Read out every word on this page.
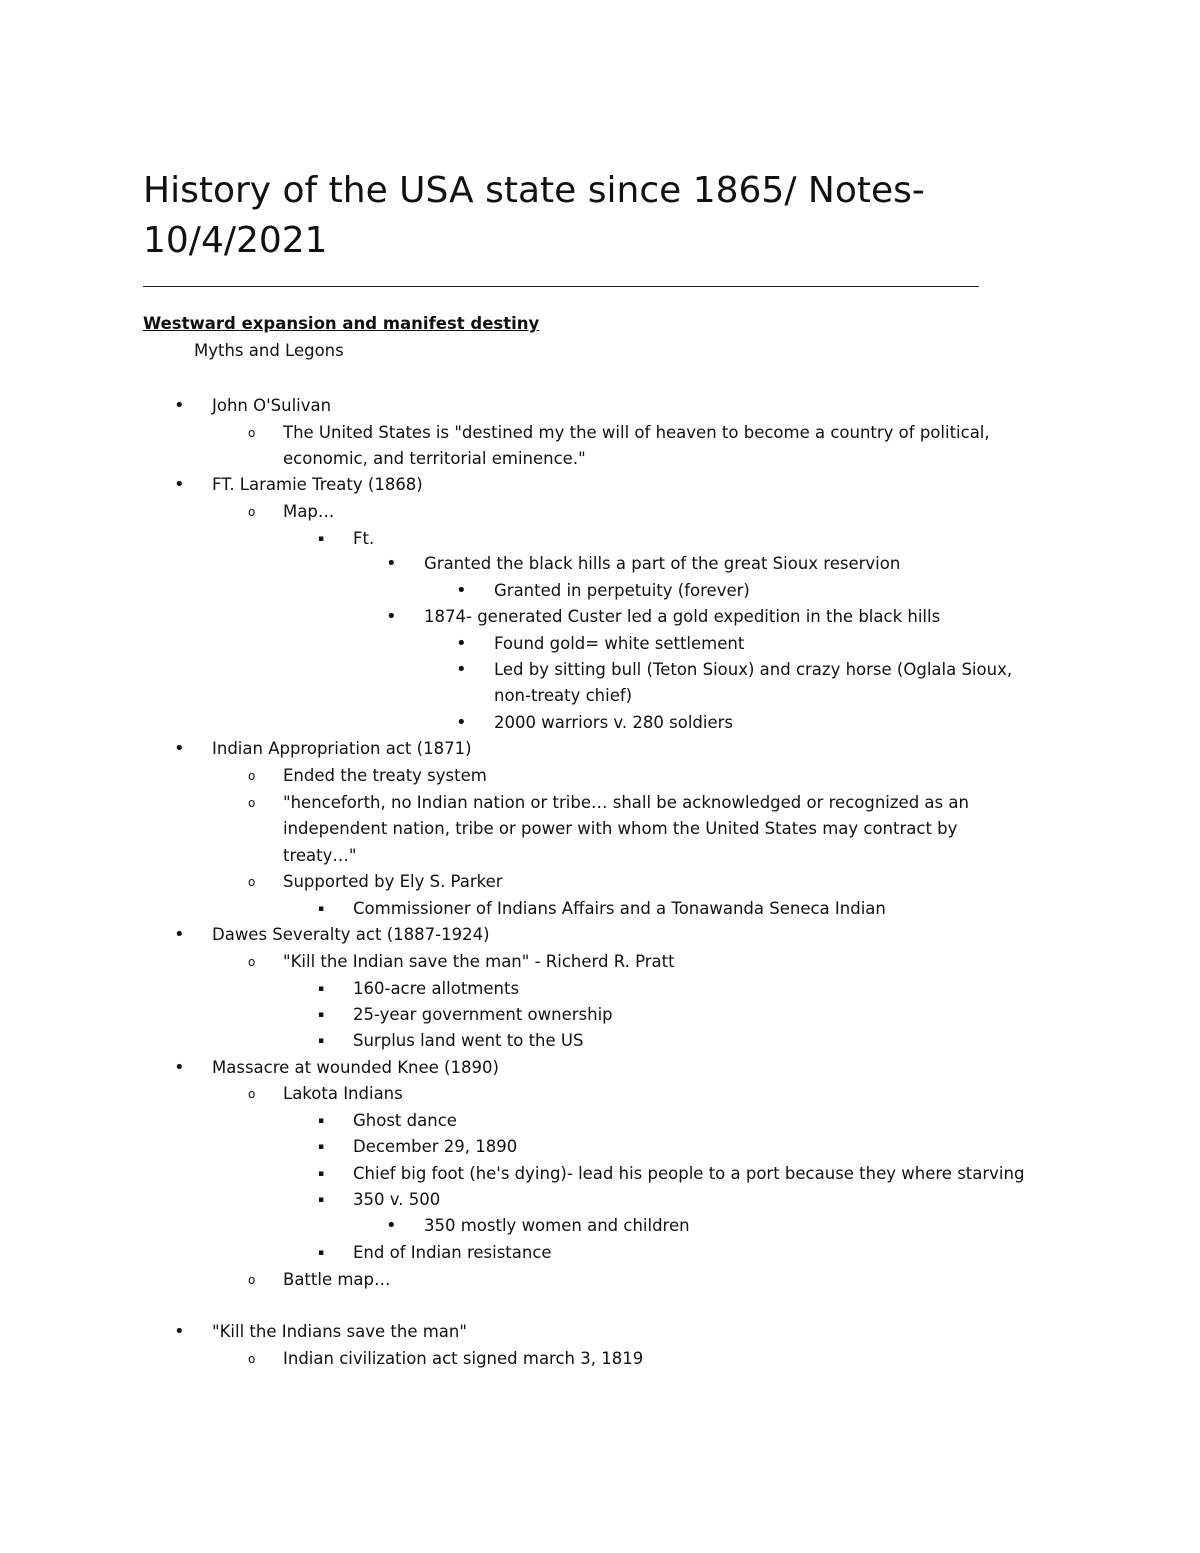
History of the USA state since 1865/ Notes-
10/4/2021
Westward expansion and manifest destiny
Myths and Legons
• John O'Sulivan
o The United States is "destined my the will of heaven to become a country of political,
economic, and territorial eminence."
• FT. Laramie Treaty (1868)
o Map…
▪ Ft.
• Granted the black hills a part of the great Sioux reservion
• Granted in perpetuity (forever)
• 1874- generated Custer led a gold expedition in the black hills
• Found gold= white settlement
• Led by sitting bull (Teton Sioux) and crazy horse (Oglala Sioux,
non-treaty chief)
• 2000 warriors v. 280 soldiers
• Indian Appropriation act (1871)
o Ended the treaty system
o "henceforth, no Indian nation or tribe… shall be acknowledged or recognized as an
independent nation, tribe or power with whom the United States may contract by
treaty…"
o Supported by Ely S. Parker
▪ Commissioner of Indians Affairs and a Tonawanda Seneca Indian
• Dawes Severalty act (1887-1924)
o "Kill the Indian save the man" - Richerd R. Pratt
▪ 160-acre allotments
▪ 25-year government ownership
▪ Surplus land went to the US
• Massacre at wounded Knee (1890)
o Lakota Indians
▪ Ghost dance
▪ December 29, 1890
▪ Chief big foot (he's dying)- lead his people to a port because they where starving
▪ 350 v. 500
• 350 mostly women and children
▪ End of Indian resistance
o Battle map…
• "Kill the Indians save the man"
o Indian civilization act signed march 3, 1819
